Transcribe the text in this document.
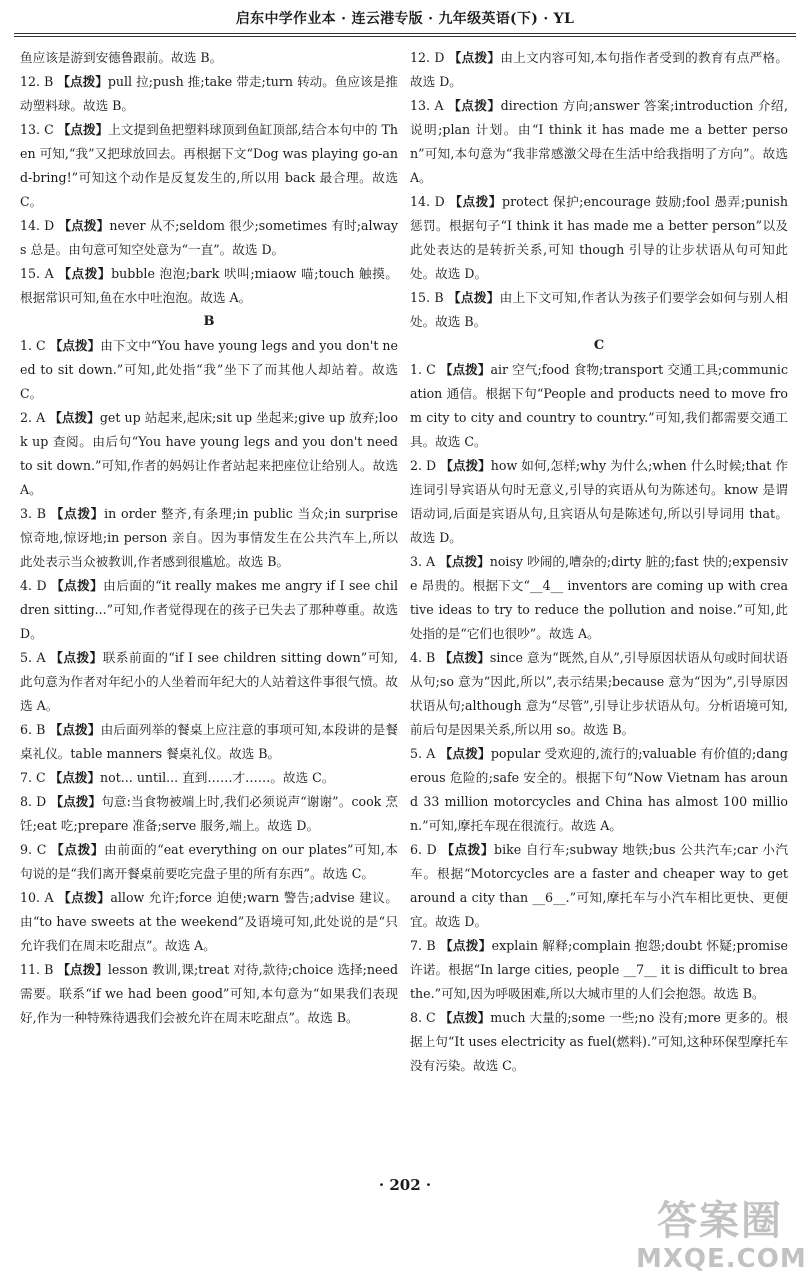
启东中学作业本 · 连云港专版 · 九年级英语(下) · YL

鱼应该是游到安德鲁跟前。故选 B。

12. B 【点拨】pull 拉;push 推;take 带走;turn 转动。鱼应该是推动塑料球。故选 B。

13. C 【点拨】上文提到鱼把塑料球顶到鱼缸顶部,结合本句中的 Then 可知,“我”又把球放回去。再根据下文“Dog was playing go-and-bring!”可知这个动作是反复发生的,所以用 back 最合理。故选 C。

14. D 【点拨】never 从不;seldom 很少;sometimes 有时;always 总是。由句意可知空处意为“一直”。故选 D。

15. A 【点拨】bubble 泡泡;bark 吠叫;miaow 喵;touch 触摸。根据常识可知,鱼在水中吐泡泡。故选 A。

B

1. C 【点拨】由下文中“You have young legs and you don't need to sit down.”可知,此处指“我”坐下了而其他人却站着。故选 C。

2. A 【点拨】get up 站起来,起床;sit up 坐起来;give up 放弃;look up 查阅。由后句“You have young legs and you don't need to sit down.”可知,作者的妈妈让作者站起来把座位让给别人。故选 A。

3. B 【点拨】in order 整齐,有条理;in public 当众;in surprise 惊奇地,惊讶地;in person 亲自。因为事情发生在公共汽车上,所以此处表示当众被教训,作者感到很尴尬。故选 B。

4. D 【点拨】由后面的“it really makes me angry if I see children sitting...”可知,作者觉得现在的孩子已失去了那种尊重。故选 D。

5. A 【点拨】联系前面的“if I see children sitting down”可知,此句意为作者对年纪小的人坐着而年纪大的人站着这件事很气愤。故选 A。

6. B 【点拨】由后面列举的餐桌上应注意的事项可知,本段讲的是餐桌礼仪。table manners 餐桌礼仪。故选 B。

7. C 【点拨】not... until... 直到……才……。故选 C。

8. D 【点拨】句意:当食物被端上时,我们必须说声“谢谢”。cook 烹饪;eat 吃;prepare 准备;serve 服务,端上。故选 D。

9. C 【点拨】由前面的“eat everything on our plates”可知,本句说的是“我们离开餐桌前要吃完盘子里的所有东西”。故选 C。

10. A 【点拨】allow 允许;force 迫使;warn 警告;advise 建议。由“to have sweets at the weekend”及语境可知,此处说的是“只允许我们在周末吃甜点”。故选 A。

11. B 【点拨】lesson 教训,课;treat 对待,款待;choice 选择;need 需要。联系“if we had been good”可知,本句意为“如果我们表现好,作为一种特殊待遇我们会被允许在周末吃甜点”。故选 B。

12. D 【点拨】由上文内容可知,本句指作者受到的教育有点严格。故选 D。

13. A 【点拨】direction 方向;answer 答案;introduction 介绍,说明;plan 计划。由“I think it has made me a better person”可知,本句意为“我非常感激父母在生活中给我指明了方向”。故选 A。

14. D 【点拨】protect 保护;encourage 鼓励;fool 愚弄;punish 惩罚。根据句子“I think it has made me a better person”以及此处表达的是转折关系,可知 though 引导的让步状语从句可知此处。故选 D。

15. B 【点拨】由上下文可知,作者认为孩子们要学会如何与别人相处。故选 B。

C

1. C 【点拨】air 空气;food 食物;transport 交通工具;communication 通信。根据下句“People and products need to move from city to city and country to country.”可知,我们都需要交通工具。故选 C。

2. D 【点拨】how 如何,怎样;why 为什么;when 什么时候;that 作连词引导宾语从句时无意义,引导的宾语从句为陈述句。know 是谓语动词,后面是宾语从句,且宾语从句是陈述句,所以引导词用 that。故选 D。

3. A 【点拨】noisy 吵闹的,嘈杂的;dirty 脏的;fast 快的;expensive 昂贵的。根据下文“__4__ inventors are coming up with creative ideas to try to reduce the pollution and noise.”可知,此处指的是“它们也很吵”。故选 A。

4. B 【点拨】since 意为“既然,自从”,引导原因状语从句或时间状语从句;so 意为“因此,所以”,表示结果;because 意为“因为”,引导原因状语从句;although 意为“尽管”,引导让步状语从句。分析语境可知,前后句是因果关系,所以用 so。故选 B。

5. A 【点拨】popular 受欢迎的,流行的;valuable 有价值的;dangerous 危险的;safe 安全的。根据下句“Now Vietnam has around 33 million motorcycles and China has almost 100 million.”可知,摩托车现在很流行。故选 A。

6. D 【点拨】bike 自行车;subway 地铁;bus 公共汽车;car 小汽车。根据“Motorcycles are a faster and cheaper way to get around a city than __6__.”可知,摩托车与小汽车相比更快、更便宜。故选 D。

7. B 【点拨】explain 解释;complain 抱怨;doubt 怀疑;promise 许诺。根据“In large cities, people __7__ it is difficult to breathe.”可知,因为呼吸困难,所以大城市里的人们会抱怨。故选 B。

8. C 【点拨】much 大量的;some 一些;no 没有;more 更多的。根据上句“It uses electricity as fuel(燃料).”可知,这种环保型摩托车没有污染。故选 C。

· 202 ·
答案圈
MXQE.COM
